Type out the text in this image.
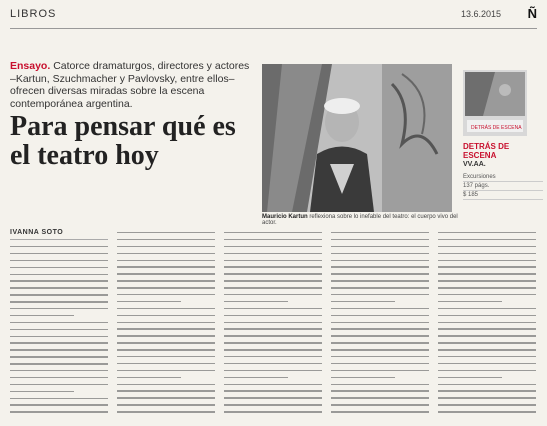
LIBROS	13.6.2015 Ñ
Ensayo. Catorce dramaturgos, directores y actores –Kartun, Szuchmacher y Pavlovsky, entre ellos– ofrecen diversas miradas sobre la escena contemporánea argentina.
Para pensar qué es el teatro hoy
Mauricio Kartun reflexiona sobre lo inefable del teatro: el cuerpo vivo del actor.
DETRÁS DE ESCENA
DETRÁS DE ESCENA
VV.AA.
Excursiones
137 págs.
$ 185
IVANNA SOTO
